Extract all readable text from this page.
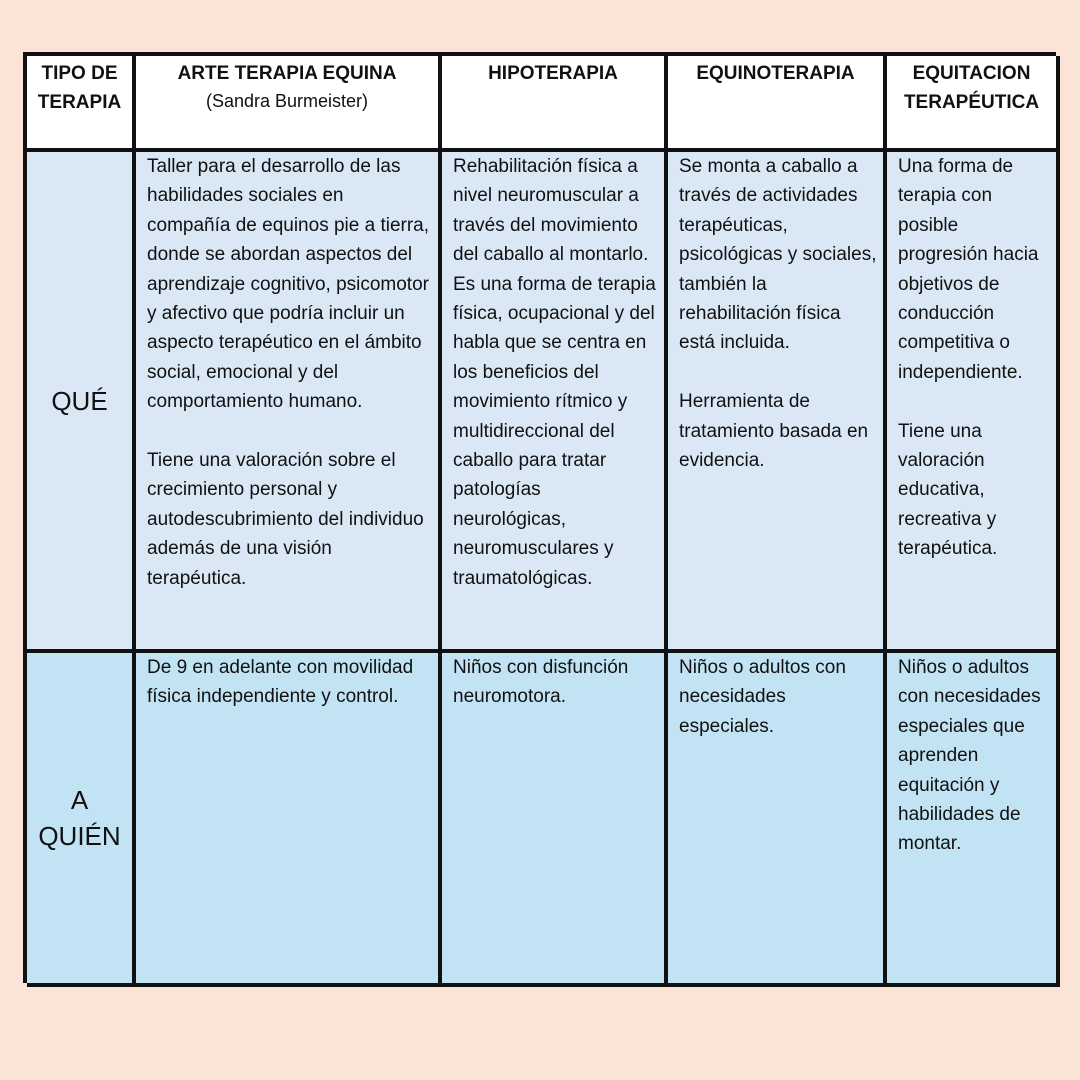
TIPO DE TERAPIA
ARTE TERAPIA EQUINA
(Sandra Burmeister)
HIPOTERAPIA	EQUINOTERAPIA	EQUITACION TERAPÉUTICA
QUÉ

Taller para el desarrollo de las habilidades sociales en compañía de equinos pie a tierra, donde se abordan aspectos del aprendizaje cognitivo, psicomotor y afectivo que podría incluir un aspecto terapéutico en el ámbito social, emocional y del comportamiento humano.

Tiene una valoración sobre el crecimiento personal y autodescubrimiento del individuo además de una visión terapéutica.

Rehabilitación física a nivel neuromuscular a través del movimiento del caballo al montarlo. Es una forma de terapia física, ocupacional y del habla que se centra en los beneficios del movimiento rítmico y multidireccional del caballo para tratar patologías neurológicas, neuromusculares y traumatológicas.

Se monta a caballo a través de actividades terapéuticas, psicológicas y sociales, también la rehabilitación física está incluida.

Herramienta de tratamiento basada en evidencia.

Una forma de terapia con posible progresión hacia objetivos de conducción competitiva o independiente.

Tiene una valoración educativa, recreativa y terapéutica.

A QUIÉN

De 9 en adelante con movilidad física independiente y control.

Niños con disfunción neuromotora.

Niños o adultos con necesidades especiales.

Niños o adultos con necesidades especiales que aprenden equitación y habilidades de montar.
